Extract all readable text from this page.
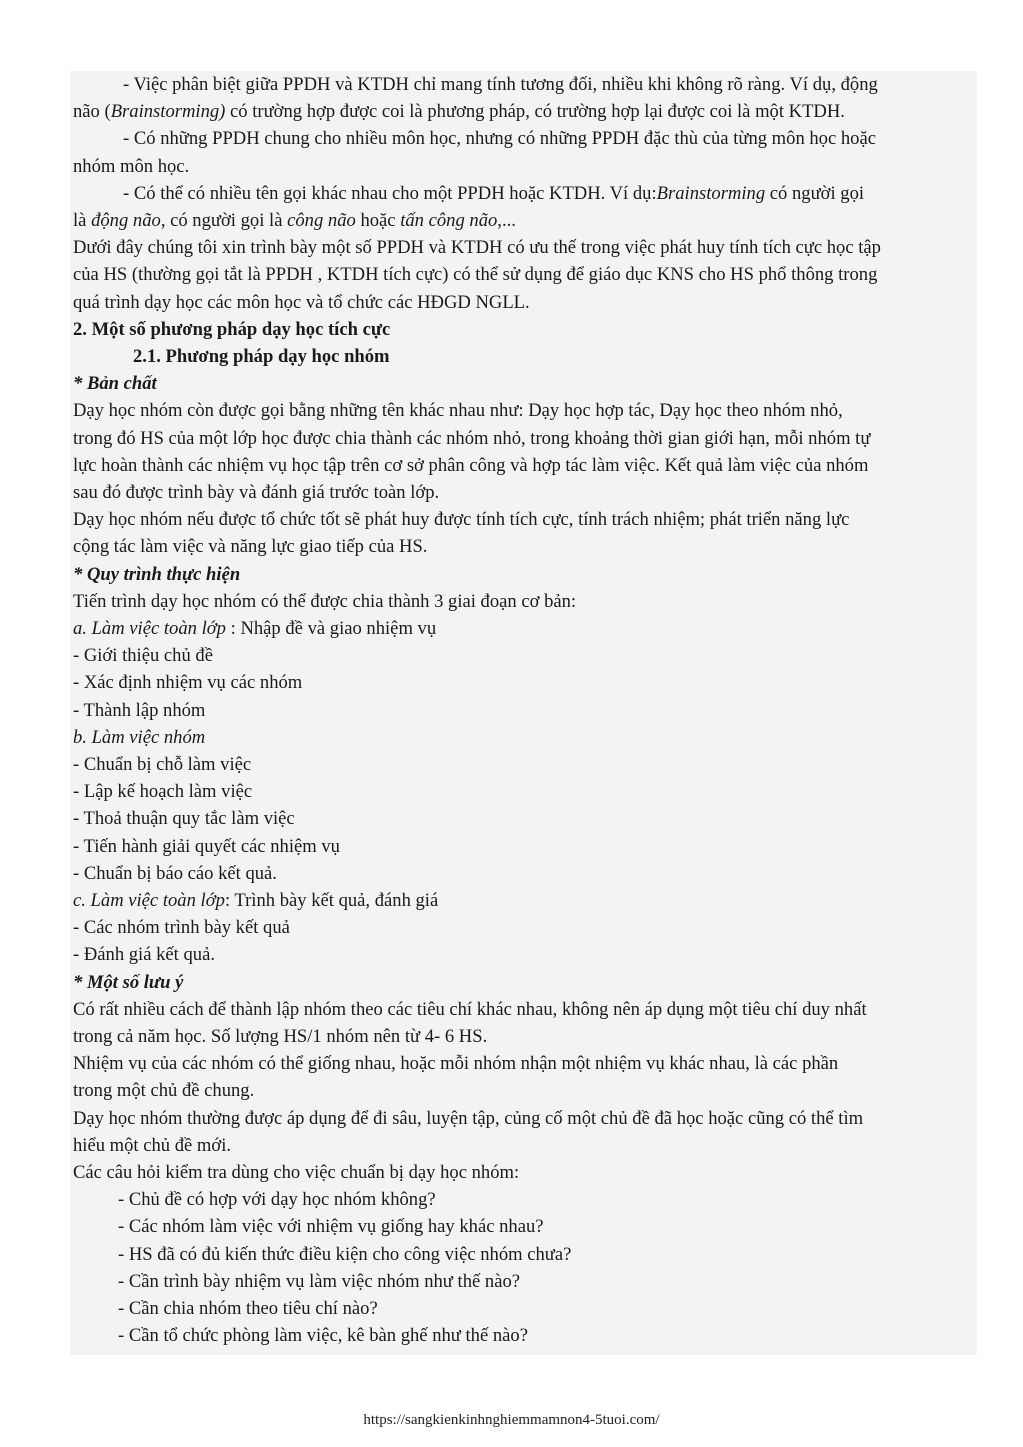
- Việc phân biệt giữa PPDH và KTDH chỉ mang tính tương đối, nhiều khi không rõ ràng. Ví dụ, động
não (Brainstorming) có trường hợp được coi là phương pháp, có trường hợp lại được coi là một KTDH.
- Có những PPDH chung cho nhiều môn học, nhưng có những PPDH đặc thù của từng môn học hoặc
nhóm môn học.
- Có thể có nhiều tên gọi khác nhau cho một PPDH hoặc KTDH. Ví dụ:Brainstorming có người gọi
là động não, có người gọi là công não hoặc tấn công não,...
Dưới đây chúng tôi xin trình bày một số PPDH và KTDH có ưu thế trong việc phát huy tính tích cực học tập
của HS (thường gọi tắt là PPDH , KTDH tích cực) có thể sử dụng để giáo dục KNS cho HS phổ thông trong
quá trình dạy học các môn học và tổ chức các HĐGD NGLL.
2. Một số phương pháp dạy học tích cực
2.1. Phương pháp dạy học nhóm
* Bản chất
Dạy học nhóm còn được gọi bằng những tên khác nhau như: Dạy học hợp tác, Dạy học theo nhóm nhỏ,
trong đó HS của một lớp học được chia thành các nhóm nhỏ, trong khoảng thời gian giới hạn, mỗi nhóm tự
lực hoàn thành các nhiệm vụ học tập trên cơ sở phân công và hợp tác làm việc. Kết quả làm việc của nhóm
sau đó được trình bày và đánh giá trước toàn lớp.
Dạy học nhóm nếu được tổ chức tốt sẽ phát huy được tính tích cực, tính trách nhiệm; phát triển năng lực
cộng tác làm việc và năng lực giao tiếp của HS.
* Quy trình thực hiện
Tiến trình dạy học nhóm có thể được chia thành 3 giai đoạn cơ bản:
a. Làm việc toàn lớp : Nhập đề và giao nhiệm vụ
- Giới thiệu chủ đề
- Xác định nhiệm vụ các nhóm
- Thành lập nhóm
b. Làm việc nhóm
- Chuẩn bị chỗ làm việc
- Lập kế hoạch làm việc
- Thoả thuận quy tắc làm việc
- Tiến hành giải quyết các nhiệm vụ
- Chuẩn bị báo cáo kết quả.
c. Làm việc toàn lớp: Trình bày kết quả, đánh giá
- Các nhóm trình bày kết quả
- Đánh giá kết quả.
* Một số lưu ý
Có rất nhiều cách để thành lập nhóm theo các tiêu chí khác nhau, không nên áp dụng một tiêu chí duy nhất
trong cả năm học. Số lượng HS/1 nhóm nên từ 4- 6 HS.
Nhiệm vụ của các nhóm có thể giống nhau, hoặc mỗi nhóm nhận một nhiệm vụ khác nhau, là các phần
trong một chủ đề chung.
Dạy học nhóm thường được áp dụng để đi sâu, luyện tập, củng cố một chủ đề đã học hoặc cũng có thể tìm
hiểu một chủ đề mới.
Các câu hỏi kiểm tra dùng cho việc chuẩn bị dạy học nhóm:
- Chủ đề có hợp với dạy học nhóm không?
- Các nhóm làm việc với nhiệm vụ giống hay khác nhau?
- HS đã có đủ kiến thức điều kiện cho công việc nhóm chưa?
- Cần trình bày nhiệm vụ làm việc nhóm như thế nào?
- Cần chia nhóm theo tiêu chí nào?
- Cần tổ chức phòng làm việc, kê bàn ghế như thế nào?
https://sangkienkinhnghiemmamnon4-5tuoi.com/
